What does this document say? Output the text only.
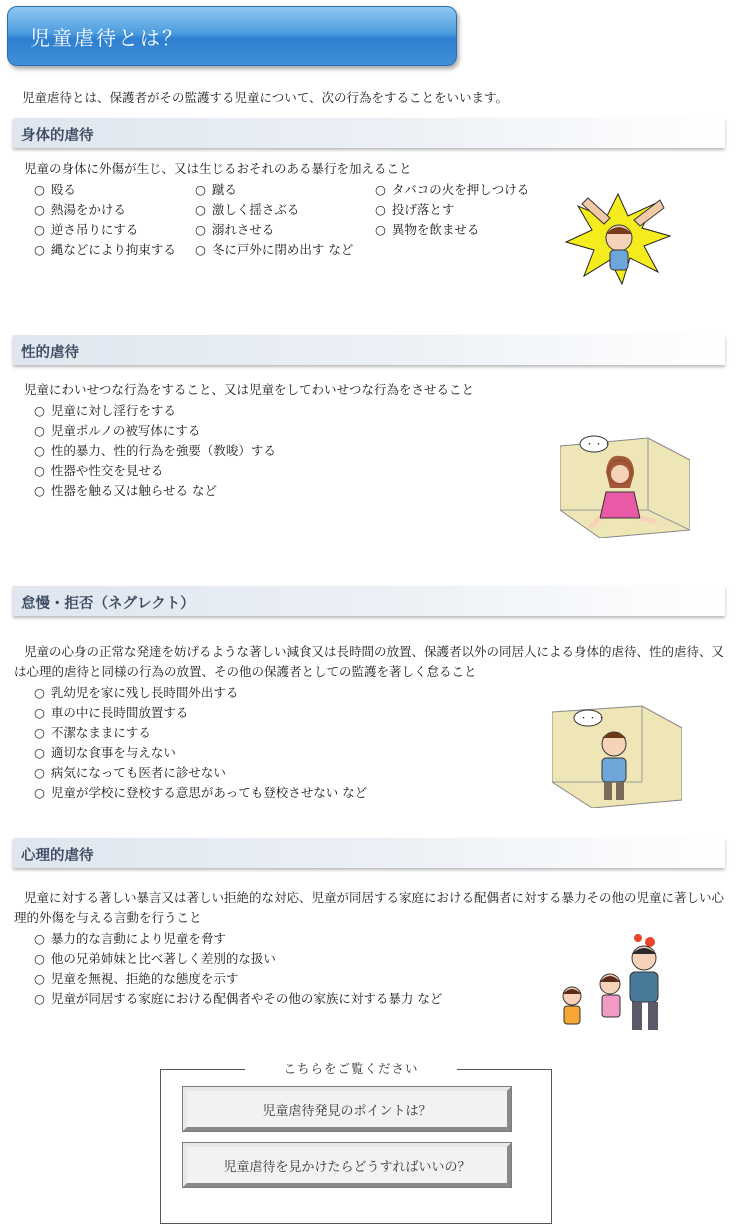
児童虐待とは？
児童虐待とは、保護者がその監護する児童について、次の行為をすることをいいます。
身体的虐待
児童の身体に外傷が生じ、又は生じるおそれのある暴行を加えること
○ 殴る	○ 蹴る	○ タバコの火を押しつける
○ 熱湯をかける	○ 激しく揺さぶる	○ 投げ落とす
○ 逆さ吊りにする	○ 溺れさせる	○ 異物を飲ませる
○ 縄などにより拘束する ○ 冬に戸外に閉め出す など
性的虐待
児童にわいせつな行為をすること、又は児童をしてわいせつな行為をさせること
○ 児童に対し淫行をする
○ 児童ポルノの被写体にする
○ 性的暴力、性的行為を強要（教唆）する
○ 性器や性交を見せる
○ 性器を触る又は触らせる など
・・・
怠慢・拒否（ネグレクト）
児童の心身の正常な発達を妨げるような著しい減食又は長時間の放置、保護者以外の同居人による身体的虐待、性的虐待、又は心理的虐待と同様の行為の放置、その他の保護者としての監護を著しく怠ること
○ 乳幼児を家に残し長時間外出する
○ 車の中に長時間放置する
○ 不潔なままにする
○ 適切な食事を与えない
○ 病気になっても医者に診せない
○ 児童が学校に登校する意思があっても登校させない など
・・・
心理的虐待
児童に対する著しい暴言又は著しい拒絶的な対応、児童が同居する家庭における配偶者に対する暴力その他の児童に著しい心理的外傷を与える言動を行うこと
○ 暴力的な言動により児童を脅す
○ 他の兄弟姉妹と比べ著しく差別的な扱い
○ 児童を無視、拒絶的な態度を示す
○ 児童が同居する家庭における配偶者やその他の家族に対する暴力 など
こちらをご覧ください
児童虐待発見のポイントは？
児童虐待を見かけたらどうすればいいの？
